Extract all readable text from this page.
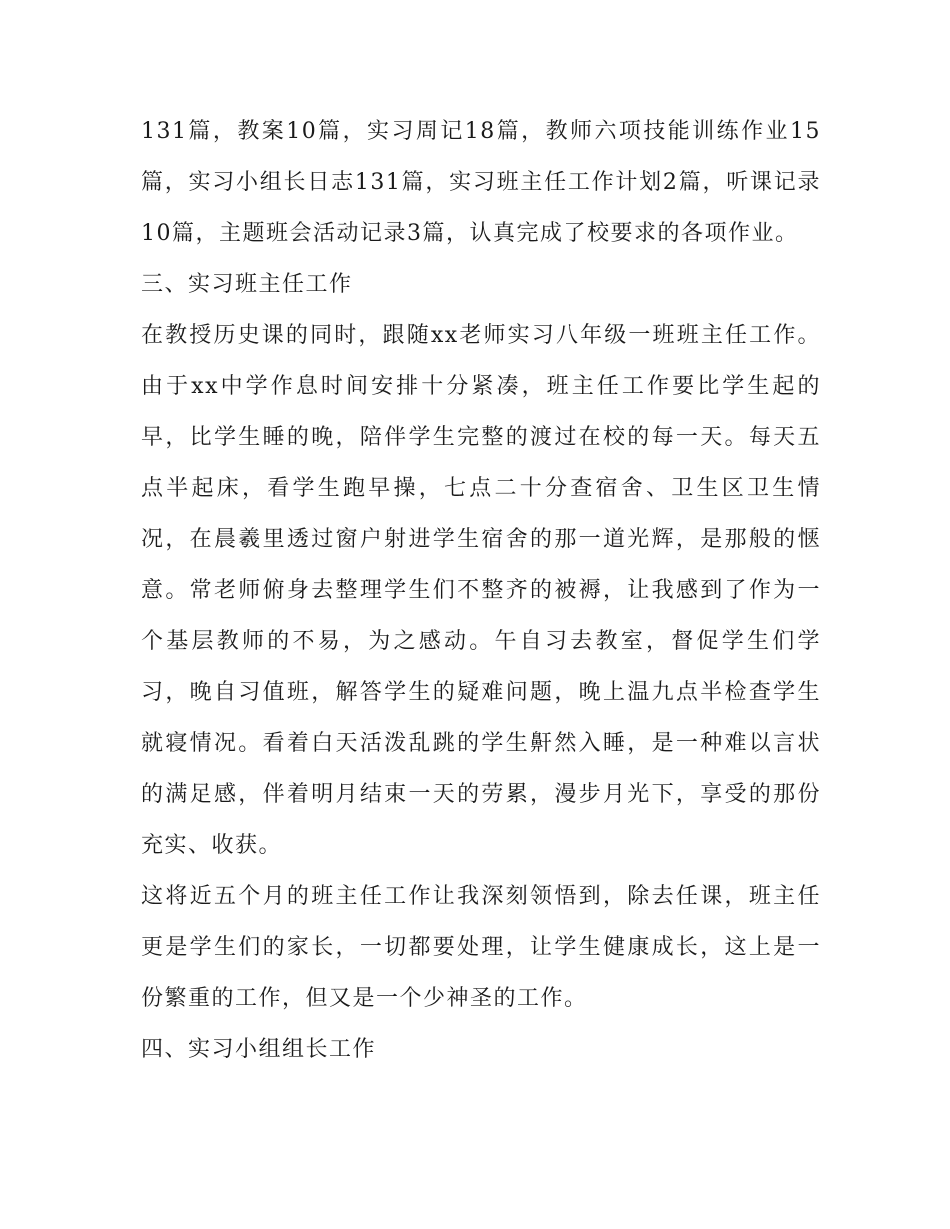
131篇，教案10篇，实习周记18篇，教师六项技能训练作业15篇，实习小组长日志131篇，实习班主任工作计划2篇，听课记录10篇，主题班会活动记录3篇，认真完成了校要求的各项作业。

三、实习班主任工作

在教授历史课的同时，跟随xx老师实习八年级一班班主任工作。由于xx中学作息时间安排十分紧凑，班主任工作要比学生起的早，比学生睡的晚，陪伴学生完整的渡过在校的每一天。每天五点半起床，看学生跑早操，七点二十分查宿舍、卫生区卫生情况，在晨羲里透过窗户射进学生宿舍的那一道光辉，是那般的惬意。常老师俯身去整理学生们不整齐的被褥，让我感到了作为一个基层教师的不易，为之感动。午自习去教室，督促学生们学习，晚自习值班，解答学生的疑难问题，晚上温九点半检查学生就寝情况。看着白天活泼乱跳的学生鼾然入睡，是一种难以言状的满足感，伴着明月结束一天的劳累，漫步月光下，享受的那份充实、收获。

这将近五个月的班主任工作让我深刻领悟到，除去任课，班主任更是学生们的家长，一切都要处理，让学生健康成长，这上是一份繁重的工作，但又是一个少神圣的工作。

四、实习小组组长工作
